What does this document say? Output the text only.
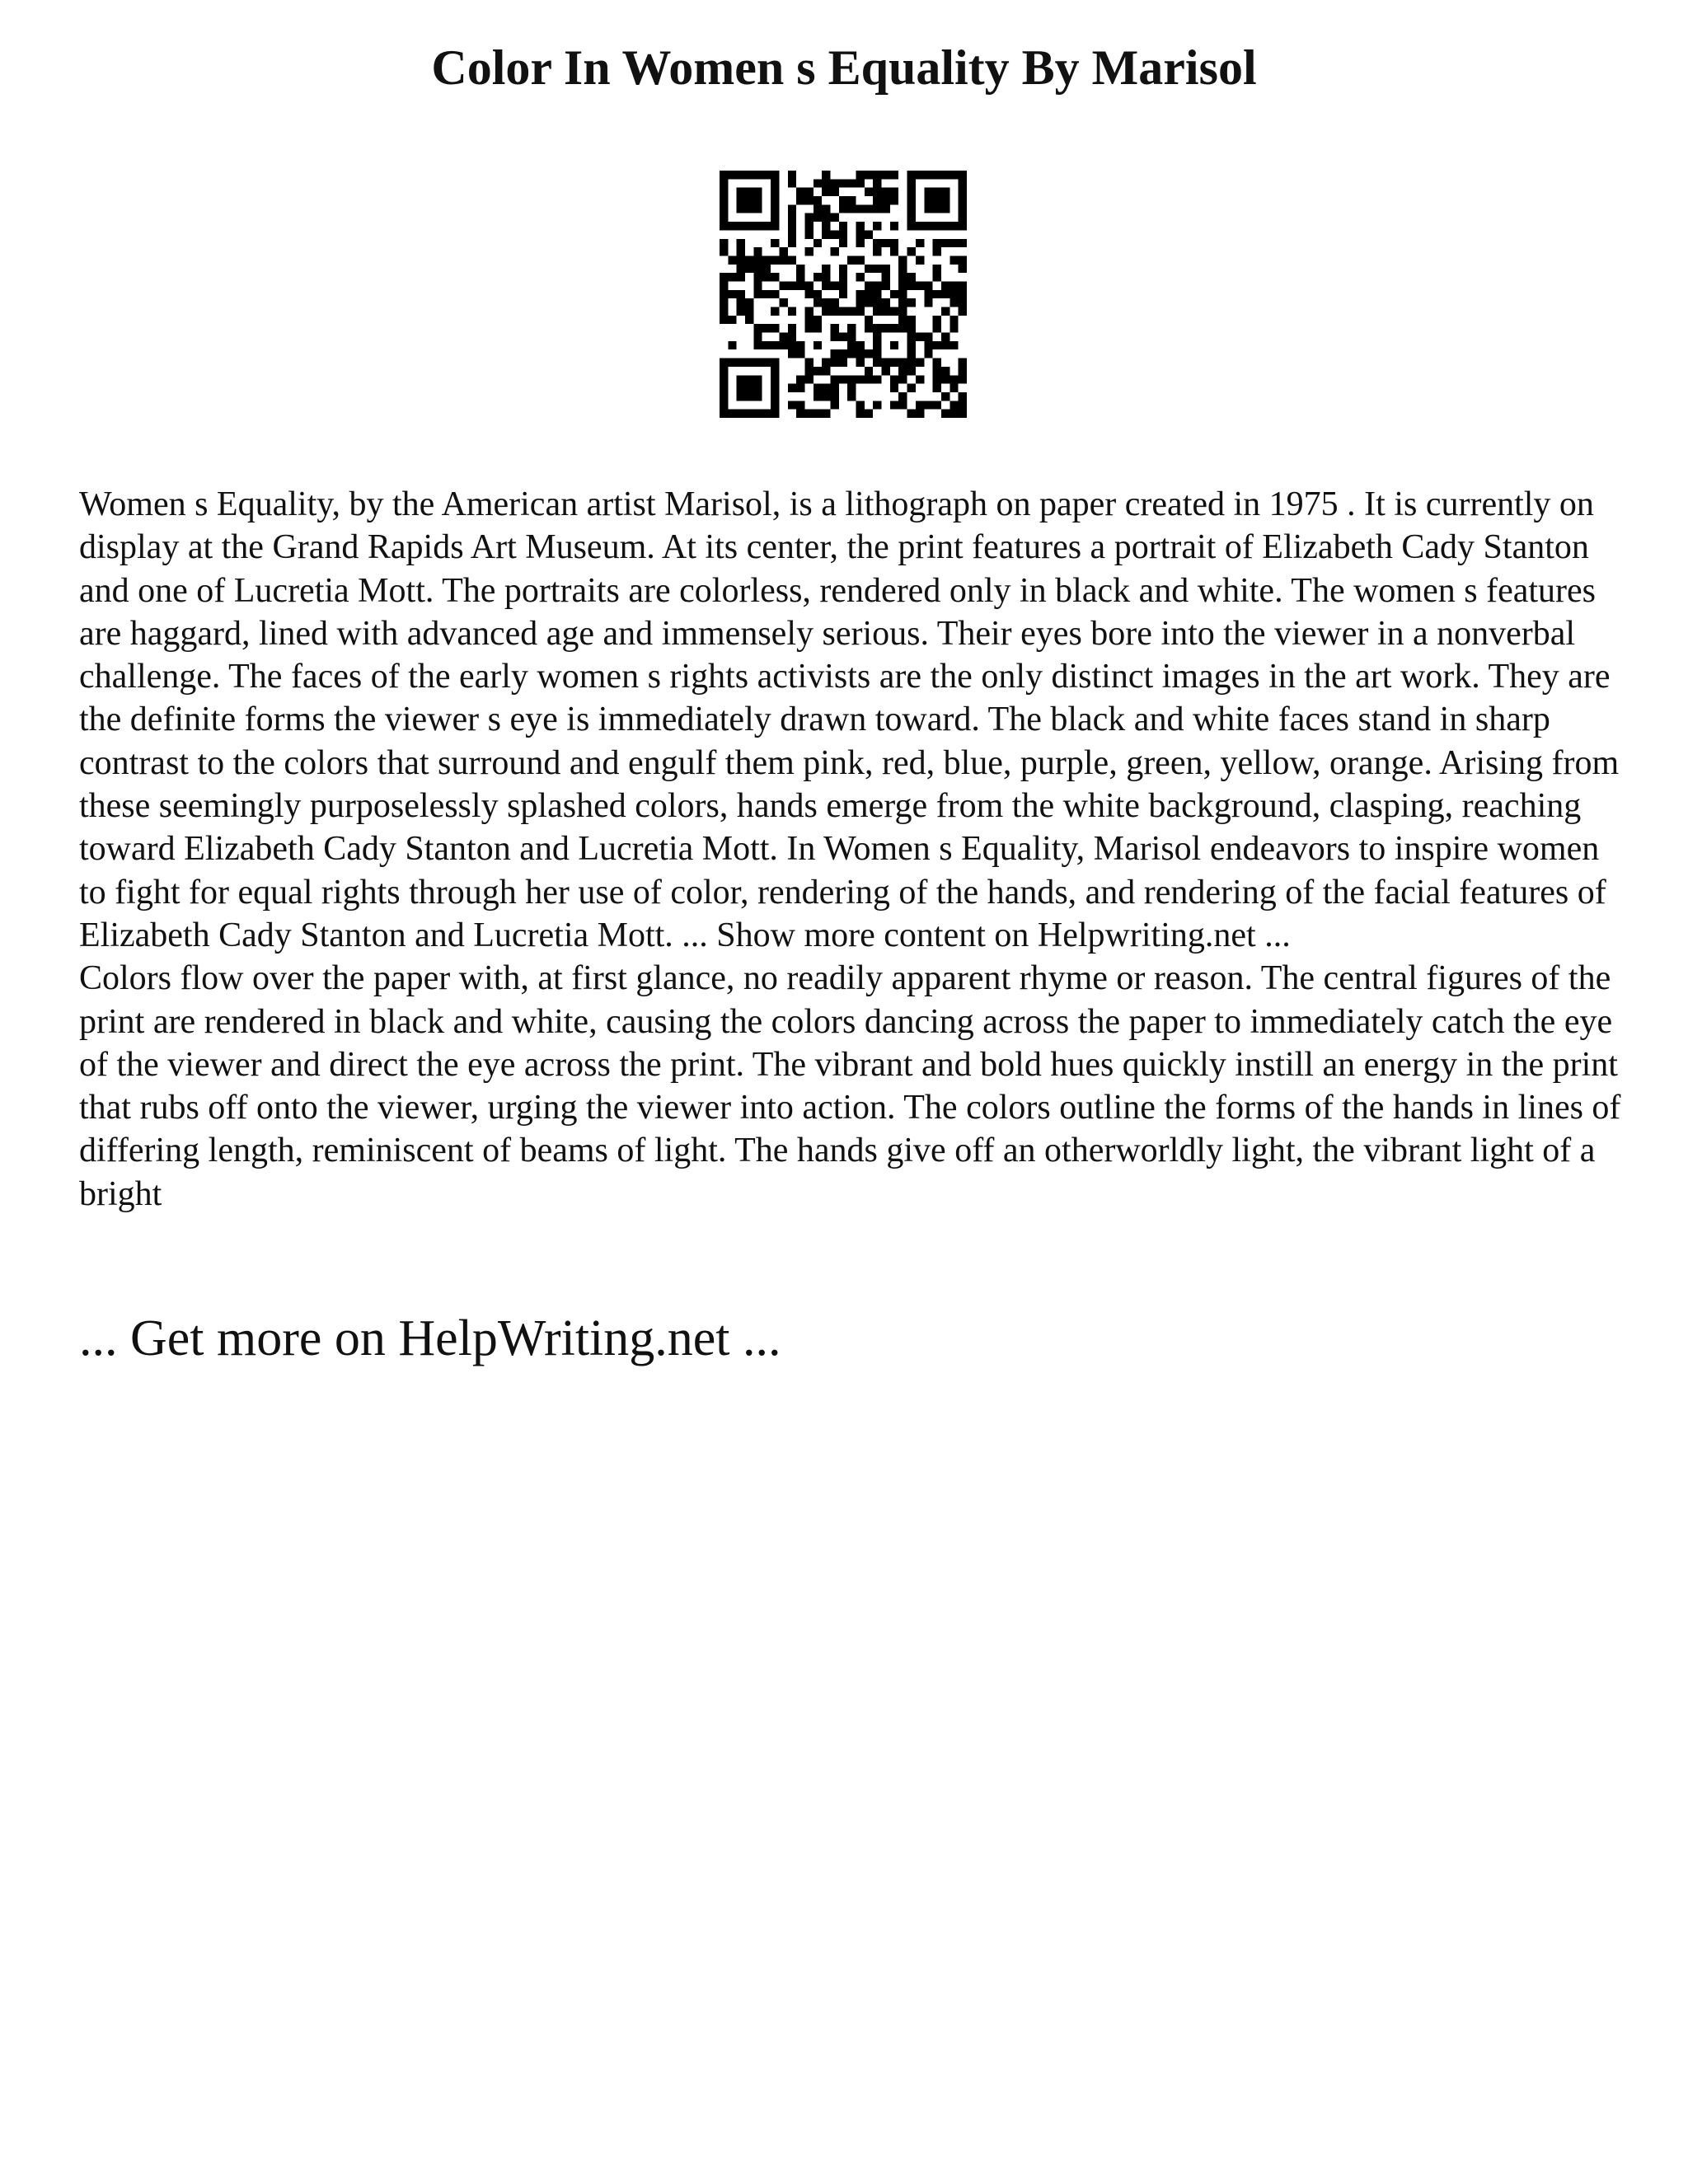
Color In Women s Equality By Marisol

Women s Equality, by the American artist Marisol, is a lithograph on paper created in 1975 . It is currently on display at the Grand Rapids Art Museum. At its center, the print features a portrait of Elizabeth Cady Stanton and one of Lucretia Mott. The portraits are colorless, rendered only in black and white. The women s features are haggard, lined with advanced age and immensely serious. Their eyes bore into the viewer in a nonverbal challenge. The faces of the early women s rights activists are the only distinct images in the art work. They are the definite forms the viewer s eye is immediately drawn toward. The black and white faces stand in sharp contrast to the colors that surround and engulf them pink, red, blue, purple, green, yellow, orange. Arising from these seemingly purposelessly splashed colors, hands emerge from the white background, clasping, reaching toward Elizabeth Cady Stanton and Lucretia Mott. In Women s Equality, Marisol endeavors to inspire women to fight for equal rights through her use of color, rendering of the hands, and rendering of the facial features of Elizabeth Cady Stanton and Lucretia Mott. ... Show more content on Helpwriting.net ...

Colors flow over the paper with, at first glance, no readily apparent rhyme or reason. The central figures of the print are rendered in black and white, causing the colors dancing across the paper to immediately catch the eye of the viewer and direct the eye across the print. The vibrant and bold hues quickly instill an energy in the print that rubs off onto the viewer, urging the viewer into action. The colors outline the forms of the hands in lines of differing length, reminiscent of beams of light. The hands give off an otherworldly light, the vibrant light of a bright

... Get more on HelpWriting.net ...
